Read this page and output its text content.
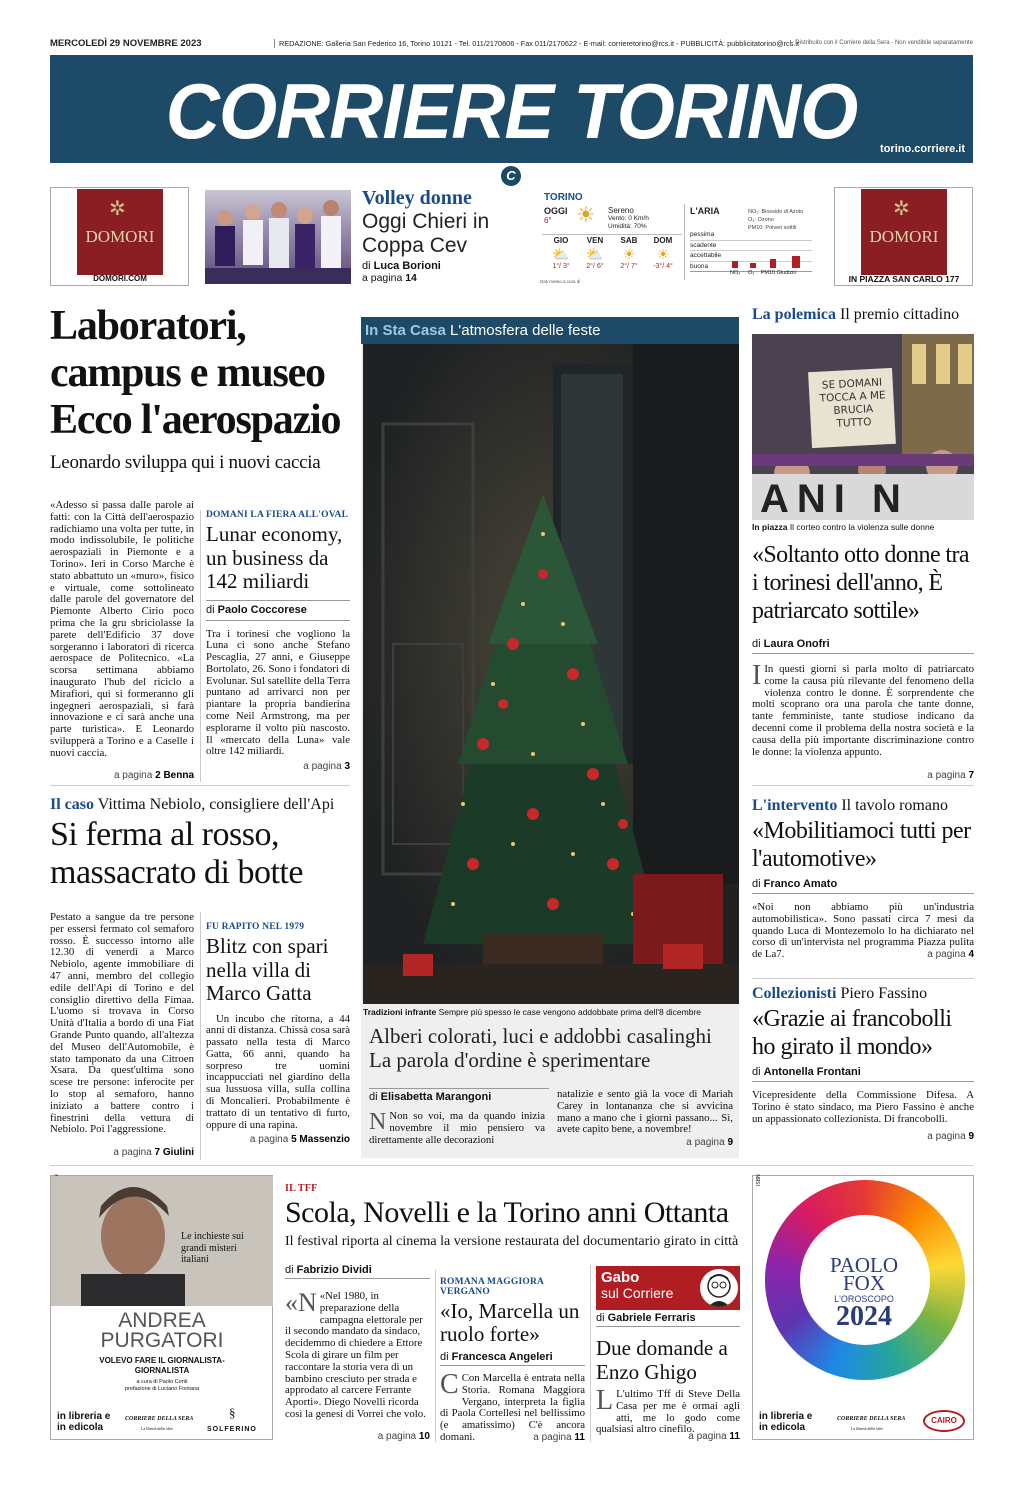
MERCOLEDÌ 29 NOVEMBRE 2023	REDAZIONE: Galleria San Federico 16, Torino 10121 - Tel. 011/2170606 - Fax 011/2170622 - E-mail: corrieretorino@rcs.it - PUBBLICITÀ: pubblicitatorino@rcs.it
Distribuito con il Corriere della Sera - Non vendibile separatamente
CORRIERE TORINO	torino.corriere.it
C
✲
DOMORI
DOMORI.COM
Volley donne
Oggi Chieri in Coppa Cev
di Luca Borioni
a pagina 14
TORINO
OGGI
6° ☀ Sereno
Vento: 0 Km/h
Umidità: 70%
GIO
⛅
1°/ 3°
VEN
⛅
2°/ 6°
SAB
☀
2°/ 7°
DOM
☀
-3°/ 4°
Dati meteo a cura di
L'ARIA	NO₂: Biossido di Azoto
O₃: Ozono
PM10: Polveri sottili
pessima
scadente
accettabile
buona
NO₂ O₃ PM10 Giudizio
✲
DOMORI
IN PIAZZA SAN CARLO 177
Laboratori, campus e museo Ecco l'aerospazio
Leonardo sviluppa qui i nuovi caccia
«Adesso si passa dalle parole ai fatti: con la Città dell'aerospazio radichiamo una volta per tutte, in modo indissolubile, le politiche aerospaziali in Piemonte e a Torino». Ieri in Corso Marche è stato abbattuto un «muro», fisico e virtuale, come sottolineato dalle parole del governatore del Piemonte Alberto Cirio poco prima che la gru sbriciolasse la parete dell'Edificio 37 dove sorgeranno i laboratori di ricerca aerospace de Politecnico. «La scorsa settimana abbiamo inaugurato l'hub del riciclo a Mirafiori, qui si formeranno gli ingegneri aerospaziali, si farà innovazione e ci sarà anche una parte turistica». E Leonardo svilupperà a Torino e a Caselle i nuovi caccia.
a pagina 2 Benna
DOMANI LA FIERA ALL'OVAL
Lunar economy, un business da 142 miliardi
di Paolo Coccorese
Tra i torinesi che vogliono la Luna ci sono anche Stefano Pescaglia, 27 anni, e Giuseppe Bortolato, 26. Sono i fondatori di Evolunar. Sul satellite della Terra puntano ad arrivarci non per piantare la propria bandierina come Neil Armstrong, ma per esplorarne il volto più nascosto. Il «mercato della Luna» vale oltre 142 miliardi.
a pagina 3
Il caso Vittima Nebiolo, consigliere dell'Api
Si ferma al rosso, massacrato di botte
Pestato a sangue da tre persone per essersi fermato col semaforo rosso. È successo intorno alle 12.30 di venerdì a Marco Nebiolo, agente immobiliare di 47 anni, membro del collegio edile dell'Api di Torino e del consiglio direttivo della Fimaa. L'uomo si trovava in Corso Unità d'Italia a bordo di una Fiat Grande Punto quando, all'altezza del Museo dell'Automobile, è stato tamponato da una Citroen Xsara. Da quest'ultima sono scese tre persone: inferocite per lo stop al semaforo, hanno iniziato a battere contro i finestrini della vettura di Nebiolo. Poi l'aggressione.
a pagina 7 Giulini
FU RAPITO NEL 1979
Blitz con spari nella villa di Marco Gatta
Un incubo che ritorna, a 44 anni di distanza. Chissà cosa sarà passato nella testa di Marco Gatta, 66 anni, quando ha sorpreso tre uomini incappucciati nel giardino della sua lussuosa villa, sulla collina di Moncalieri. Probabilmente è trattato di un tentativo di furto, oppure di una rapina.
a pagina 5 Massenzio
In Sta Casa L'atmosfera delle feste
Tradizioni infrante Sempre più spesso le case vengono addobbate prima dell'8 dicembre
Alberi colorati, luci e addobbi casalinghi La parola d'ordine è sperimentare
di Elisabetta Marangoni
N Non so voi, ma da quando inizia novembre il mio pensiero va direttamente alle decorazioni
natalizie e sento già la voce di Mariah Carey in lontananza che si avvicina mano a mano che i giorni passano... Sì, avete capito bene, a novembre!
a pagina 9
La polemica Il premio cittadino
SE DOMANI TOCCA A ME BRUCIA TUTTO
ANI N
In piazza Il corteo contro la violenza sulle donne
«Soltanto otto donne tra i torinesi dell'anno, È patriarcato sottile»
di Laura Onofri
I In questi giorni si parla molto di patriarcato come la causa più rilevante del fenomeno della violenza contro le donne. È sorprendente che molti scoprano ora una parola che tante donne, tante femministe, tante studiose indicano da decenni come il problema della nostra società e la causa della più importante discriminazione contro le donne: la violenza appunto.
a pagina 7
L'intervento Il tavolo romano
«Mobilitiamoci tutti per l'automotive»
di Franco Amato
«Noi non abbiamo più un'industria automobilistica». Sono passati circa 7 mesi da quando Luca di Montezemolo lo ha dichiarato nel corso di un'intervista nel programma Piazza pulita de La7.	a pagina 4
Collezionisti Piero Fassino
«Grazie ai francobolli ho girato il mondo»
di Antonella Frontani
Vicepresidente della Commissione Difesa. A Torino è stato sindaco, ma Piero Fassino è anche un appassionato collezionista. Di francobolli.
a pagina 9
Le inchieste sui grandi misteri italiani
ANDREA
PURGATORI
VOLEVO FARE IL GIORNALISTA-GIORNALISTA
a cura di Paolo Conti
prefazione di Luciano Fontana
in libreria e in edicola
CORRIERE DELLA SERA
La libertà delle idee
§
SOLFERINO
IL TFF
Scola, Novelli e la Torino anni Ottanta
Il festival riporta al cinema la versione restaurata del documentario girato in città
di Fabrizio Dividi
«N «Nel 1980, in preparazione della campagna elettorale per il secondo mandato da sindaco, decidemmo di chiedere a Ettore Scola di girare un film per raccontare la storia vera di un bambino cresciuto per strada e approdato al carcere Ferrante Aporti». Diego Novelli ricorda così la genesi di Vorrei che volo.
a pagina 10
ROMANA MAGGIORA VERGANO
«Io, Marcella un ruolo forte»
di Francesca Angeleri
C Con Marcella è entrata nella Storia. Romana Maggiora Vergano, interpreta la figlia di Paola Cortellesi nel bellissimo (e amatissimo) C'è ancora domani.	a pagina 11
Gabo
sul Corriere
di Gabriele Ferraris
Due domande a Enzo Ghigo
L L'ultimo Tff di Steve Della Casa per me è ormai agli atti, me lo godo come qualsiasi altro cinefilo.
a pagina 11
ISBN
PAOLO
FOX
L'OROSCOPO
2024
in libreria e in edicola
CORRIERE DELLA SERA
La libertà delle idee
CAIRO
